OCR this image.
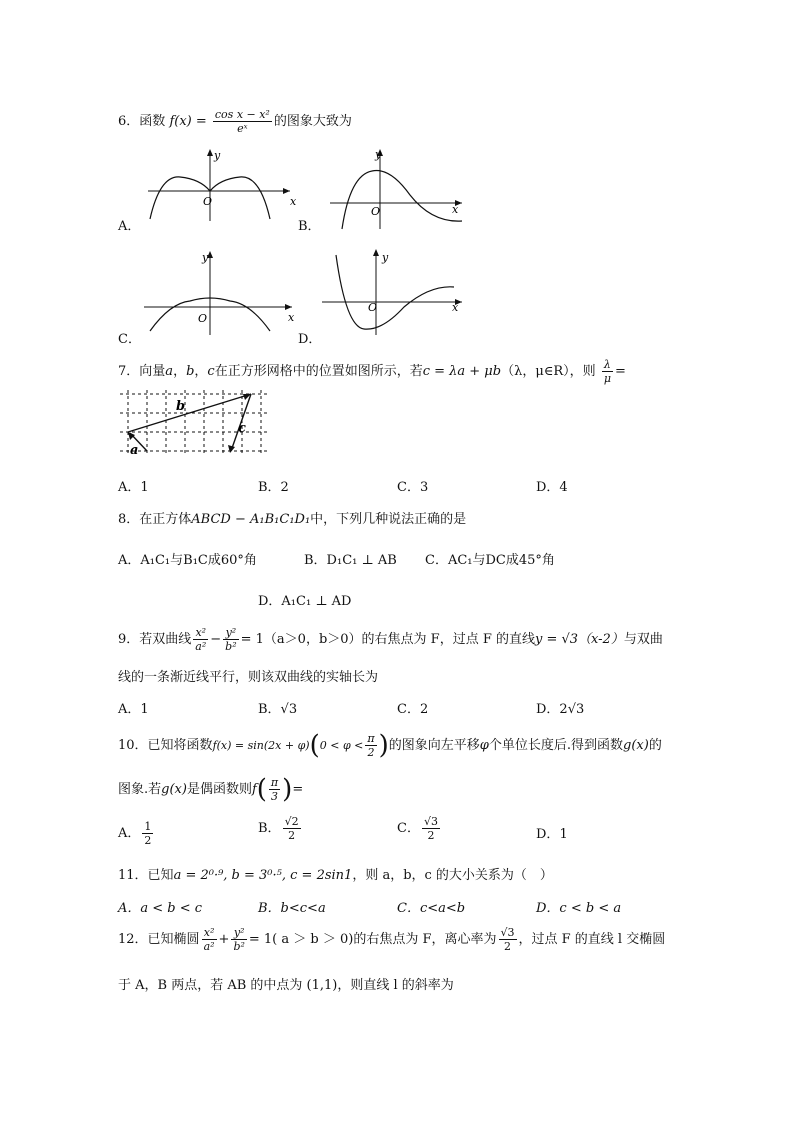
6．函数 $f(x) = \frac{\text{cos x − x²}}{\text{eˣ}}$ 的图象大致为
y
O	x
A．
y
O	x
B．
y
O	x
C．
y
O	x
D．
7．向量a，b，c在正方形网格中的位置如图所示，若c = λa + μb（λ，μ∈R），则 $\frac{\lambda}{\mu}$ =
b
c
a
A．1	B．2	C．3	D．4
8．在正方体ABCD − A₁B₁C₁D₁中，下列几种说法正确的是
A．A₁C₁与B₁C成60°角	B．D₁C₁ ⊥ AB C．AC₁与DC成45°角
D．A₁C₁ ⊥ AD
9．若双曲线 $\frac{\text{x²}}{\text{a²}} - \frac{\text{y²}}{\text{b²}} = 1(a>0$，b＞0）的右焦点为 F，过点 F 的直线y = √3（x-2）与双曲
线的一条渐近线平行，则该双曲线的实轴长为
A．1	B．√3	C．2	D．2√3
10．已知将函数$f(x) = \sin(2x + \varphi)(0 < \varphi < \frac{\pi}{2}$ )的图象向左平移φ个单位长度后.得到函数g(x)的
图象.若g(x)是偶函数则$f( \frac{\pi}{3}$ )=
A． $\frac{1}{2}$	B． $\frac{√2}{2}$	C． $\frac{√3}{2}$	D．1
11．已知a = 2⁰·⁹, b = 3⁰·⁵, c = 2sin1，则 a，b，c 的大小关系为（　）
A．a < b < c	B．b<c<a	C．c<a<b	D．c < b < a
12．已知椭圆 $\frac{\text{x²}}{\text{a²}} + \frac{\text{y²}}{\text{b²}} = 1$( a ＞ b ＞ 0)的右焦点为 F，离心率为 $\frac{√3}{2}$ ，过点 F 的直线 l 交椭圆
于 A，B 两点，若 AB 的中点为 (1,1)，则直线 l 的斜率为
